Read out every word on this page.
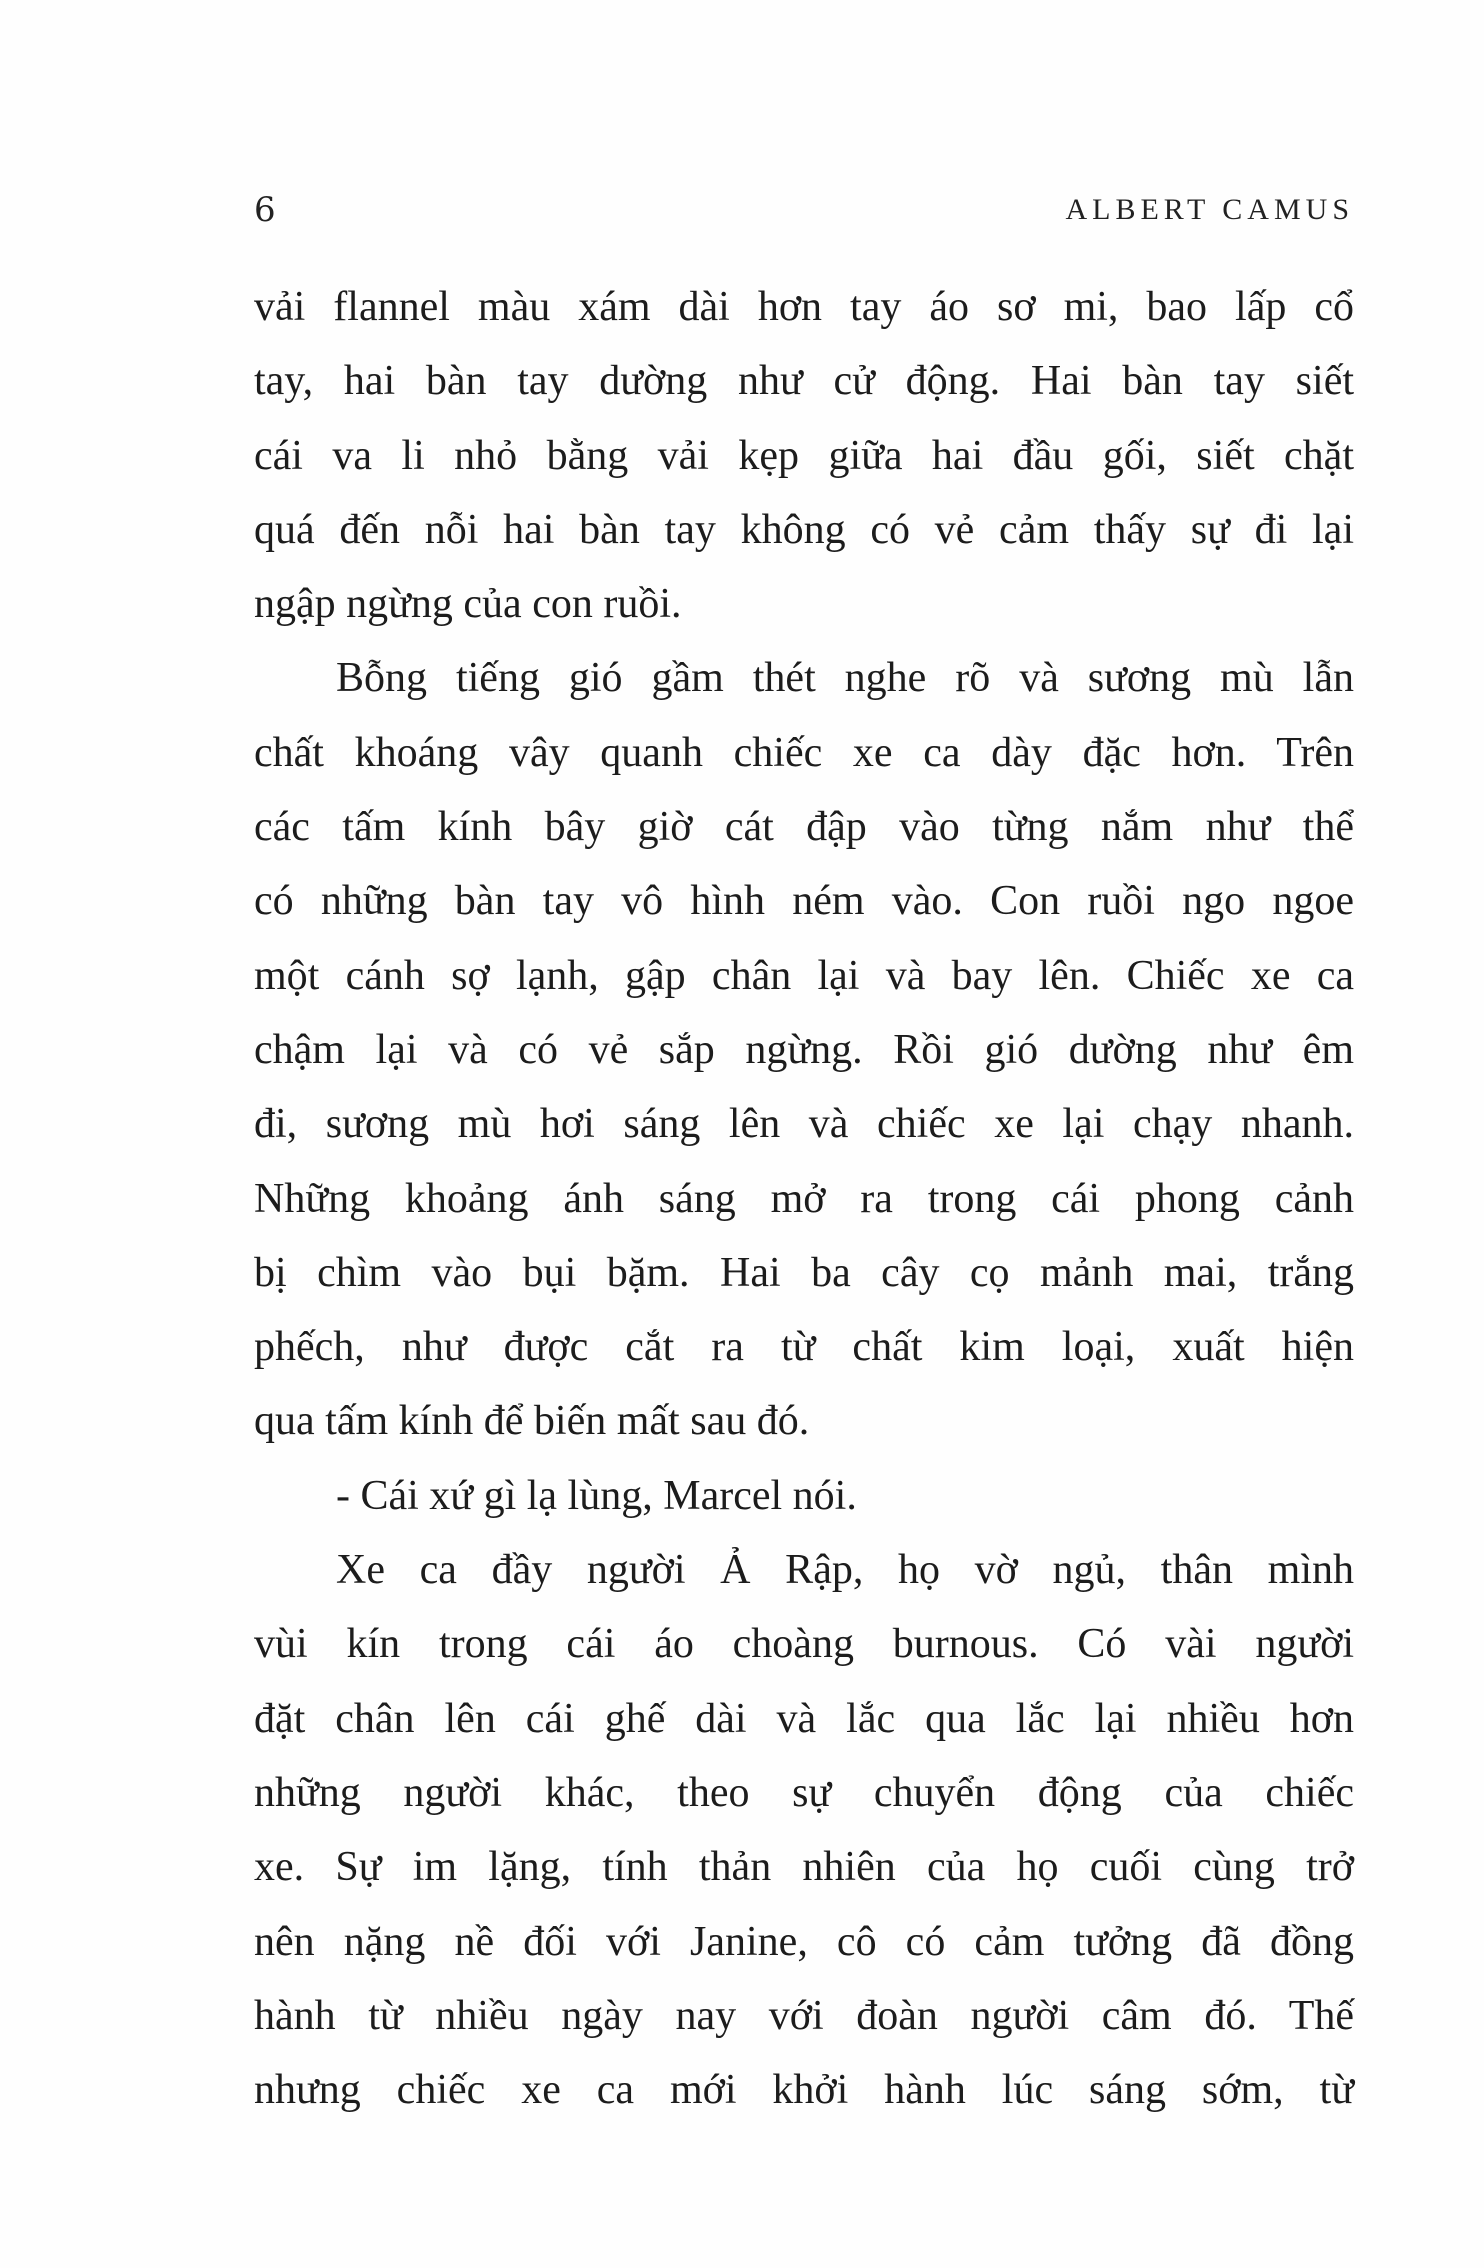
6	ALBERT CAMUS
vải flannel màu xám dài hơn tay áo sơ mi, bao lấp cổ
tay, hai bàn tay dường như cử động. Hai bàn tay siết
cái va li nhỏ bằng vải kẹp giữa hai đầu gối, siết chặt
quá đến nỗi hai bàn tay không có vẻ cảm thấy sự đi lại
ngập ngừng của con ruồi.
Bỗng tiếng gió gầm thét nghe rõ và sương mù lẫn
chất khoáng vây quanh chiếc xe ca dày đặc hơn. Trên
các tấm kính bây giờ cát đập vào từng nắm như thể
có những bàn tay vô hình ném vào. Con ruồi ngo ngoe
một cánh sợ lạnh, gập chân lại và bay lên. Chiếc xe ca
chậm lại và có vẻ sắp ngừng. Rồi gió dường như êm
đi, sương mù hơi sáng lên và chiếc xe lại chạy nhanh.
Những khoảng ánh sáng mở ra trong cái phong cảnh
bị chìm vào bụi bặm. Hai ba cây cọ mảnh mai, trắng
phếch, như được cắt ra từ chất kim loại, xuất hiện
qua tấm kính để biến mất sau đó.
- Cái xứ gì lạ lùng, Marcel nói.
Xe ca đầy người Ả Rập, họ vờ ngủ, thân mình
vùi kín trong cái áo choàng burnous. Có vài người
đặt chân lên cái ghế dài và lắc qua lắc lại nhiều hơn
những người khác, theo sự chuyển động của chiếc
xe. Sự im lặng, tính thản nhiên của họ cuối cùng trở
nên nặng nề đối với Janine, cô có cảm tưởng đã đồng
hành từ nhiều ngày nay với đoàn người câm đó. Thế
nhưng chiếc xe ca mới khởi hành lúc sáng sớm, từ
